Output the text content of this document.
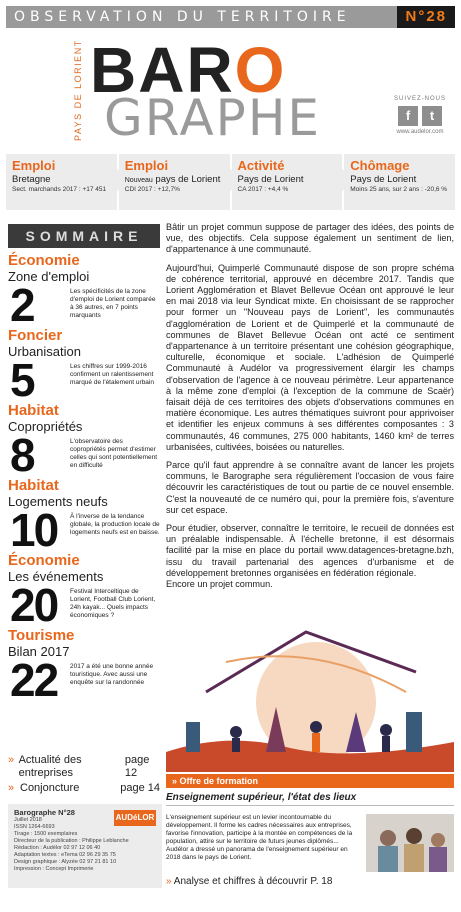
OBSERVATION DU TERRITOIRE	N°28
PAYS DE LORIENT BARO
GRAPHE	SUIVEZ-NOUS
f	t
www.audelor.com
Emploi
Bretagne
Sect. marchands 2017 : +17 451
Emploi
Nouveau pays de Lorient
CDI 2017 : +12,7%
Activité
Pays de Lorient
CA 2017 : +4,4 %
Chômage
Pays de Lorient
Moins 25 ans, sur 2 ans : -20,6 %
SOMMAIRE
Économie
Zone d'emploi
2	Les spécificités de la zone d'emploi de Lorient comparée à 36 autres, en 7 points marquants
Foncier
Urbanisation
5	Les chiffres sur 1999-2016 confirment un ralentissement marqué de l'étalement urbain
Habitat
Copropriétés
8	L'observatoire des copropriétés permet d'estimer celles qui sont potentiellement en difficulté
Habitat
Logements neufs
10 À l'inverse de la tendance globale, la production locale de logements neufs est en baisse.
Économie
Les événements
20 Festival Interceltique de Lorient, Football Club Lorient, 24h kayak... Quels impacts économiques ?
Tourisme
Bilan 2017
22 2017 a été une bonne année touristique. Avec aussi une enquête sur la randonnée
» Actualité des entreprises
page 12
» Conjoncture	page 14
Barographe N°28
AUDéLOR
Juillet 2018
ISSN 1264-6693
Tirage : 1500 exemplaires
Directeur de la publication : Philippe Leblanche
Rédaction : Audélor 02 97 12 06 40
Adaptation textes : eTema 02 96 29 35 75
Design graphique : Alyzée 02 97 21 81 10
Impression : Concept Imprimerie

Bâtir un projet commun suppose de partager des idées, des points de vue, des objectifs. Cela suppose également un sentiment de lien, d'appartenance à une communauté.

Aujourd'hui, Quimperlé Communauté dispose de son propre schéma de cohérence territorial, approuvé en décembre 2017. Tandis que Lorient Agglomération et Blavet Bellevue Océan ont approuvé le leur en mai 2018 via leur Syndicat mixte. En choisissant de se rapprocher pour former un "Nouveau pays de Lorient", les communautés d'agglomération de Lorient et de Quimperlé et la communauté de communes de Blavet Bellevue Océan ont acté ce sentiment d'appartenance à un territoire présentant une cohésion géographique, culturelle, économique et sociale. L'adhésion de Quimperlé Communauté à Audélor va progressivement élargir les champs d'observation de l'agence à ce nouveau périmètre. Leur appartenance à la même zone d'emploi (à l'exception de la commune de Scaër) faisait déjà de ces territoires des objets d'observations communes en matière économique. Les autres thématiques suivront pour apprivoiser et identifier les enjeux communs à ses différentes composantes : 3 communautés, 46 communes, 275 000 habitants, 1460 km² de terres urbanisées, cultivées, boisées ou naturelles.

Parce qu'il faut apprendre à se connaître avant de lancer les projets communs, le Barographe sera régulièrement l'occasion de vous faire découvrir les caractéristiques de tout ou partie de ce nouvel ensemble. C'est la nouveauté de ce numéro qui, pour la première fois, s'aventure sur cet espace.

Pour étudier, observer, connaître le territoire, le recueil de données est un préalable indispensable. À l'échelle bretonne, il est désormais facilité par la mise en place du portail www.datagences-bretagne.bzh, issu du travail partenarial des agences d'urbanisme et de développement bretonnes organisées en fédération régionale.

Encore un projet commun.

» Offre de formation
Enseignement supérieur, l'état des lieux
L'enseignement supérieur est un levier incontournable du développement. Il forme les cadres nécessaires aux entreprises, favorise l'innovation, participe à la montée en compétences de la population, attire sur le territoire de futurs jeunes diplômés... Audélor a dressé un panorama de l'enseignement supérieur en 2018 dans le pays de Lorient.
» Analyse et chiffres à découvrir P. 18
